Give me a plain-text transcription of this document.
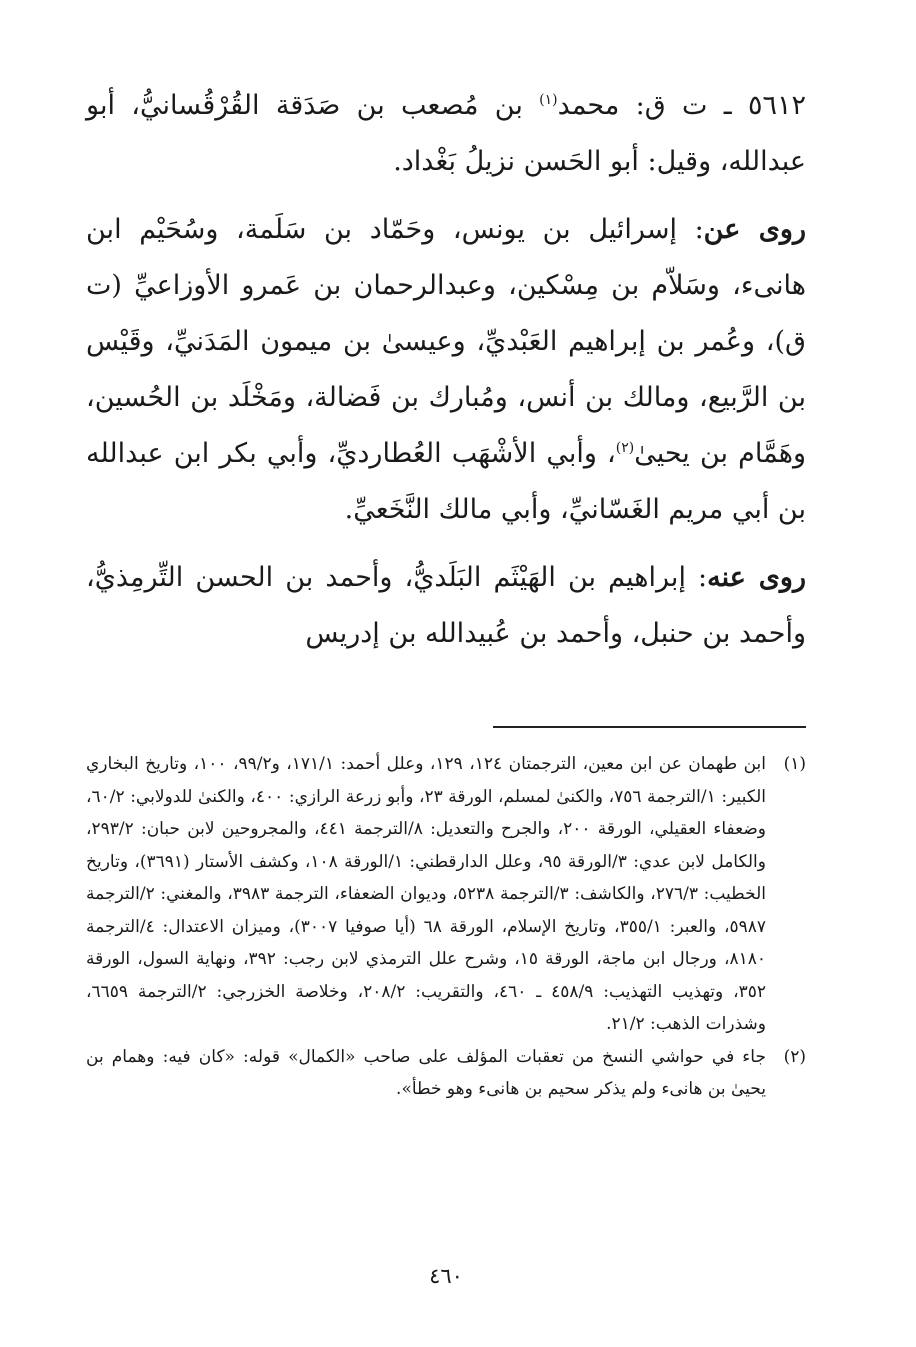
٥٦١٢ ـ ت ق: محمد$^{(١)}$ بن مُصعب بن صَدَقة القُرْقُسانيُّ، أبو عبدالله، وقيل: أبو الحَسن نزيلُ بَغْداد.

روى عن: إسرائيل بن يونس، وحَمّاد بن سَلَمة، وسُحَيْم ابن هانىء، وسَلاّم بن مِسْكين، وعبدالرحمان بن عَمرو الأوزاعيِّ (ت ق)، وعُمر بن إبراهيم العَبْديِّ، وعيسىٰ بن ميمون المَدَنيِّ، وقَيْس بن الرَّبيع، ومالك بن أنس، ومُبارك بن فَضالة، ومَخْلَد بن الحُسين، وهَمَّام بن يحيىٰ$^{(٢)}$، وأبي الأشْهَب العُطارديِّ، وأبي بكر ابن عبدالله بن أبي مريم الغَسّانيِّ، وأبي مالك النَّخَعيِّ.

روى عنه: إبراهيم بن الهَيْثَم البَلَديُّ، وأحمد بن الحسن التِّرمِذيُّ، وأحمد بن حنبل، وأحمد بن عُبيدالله بن إدريس

(١)
ابن طهمان عن ابن معين، الترجمتان ١٢٤، ١٢٩، وعلل أحمد: ١٧١/١، و٩٩/٢، ١٠٠، وتاريخ البخاري الكبير: ١/الترجمة ٧٥٦، والكنىٰ لمسلم، الورقة ٢٣، وأبو زرعة الرازي: ٤٠٠، والكنىٰ للدولابي: ٦٠/٢، وضعفاء العقيلي، الورقة ٢٠٠، والجرح والتعديل: ٨/الترجمة ٤٤١، والمجروحين لابن حبان: ٢٩٣/٢، والكامل لابن عدي: ٣/الورقة ٩٥، وعلل الدارقطني: ١/الورقة ١٠٨، وكشف الأستار (٣٦٩١)، وتاريخ الخطيب: ٢٧٦/٣، والكاشف: ٣/الترجمة ٥٢٣٨، وديوان الضعفاء، الترجمة ٣٩٨٣، والمغني: ٢/الترجمة ٥٩٨٧، والعبر: ٣٥٥/١، وتاريخ الإسلام، الورقة ٦٨ (أيا صوفيا ٣٠٠٧)، وميزان الاعتدال: ٤/الترجمة ٨١٨٠، ورجال ابن ماجة، الورقة ١٥، وشرح علل الترمذي لابن رجب: ٣٩٢، ونهاية السول، الورقة ٣٥٢، وتهذيب التهذيب: ٤٥٨/٩ ـ ٤٦٠، والتقريب: ٢٠٨/٢، وخلاصة الخزرجي: ٢/الترجمة ٦٦٥٩، وشذرات الذهب: ٢١/٢.
(٢)
جاء في حواشي النسخ من تعقبات المؤلف على صاحب «الكمال» قوله: «كان فيه: وهمام بن يحيىٰ بن هانىء ولم يذكر سحيم بن هانىء وهو خطأ».
٤٦٠
